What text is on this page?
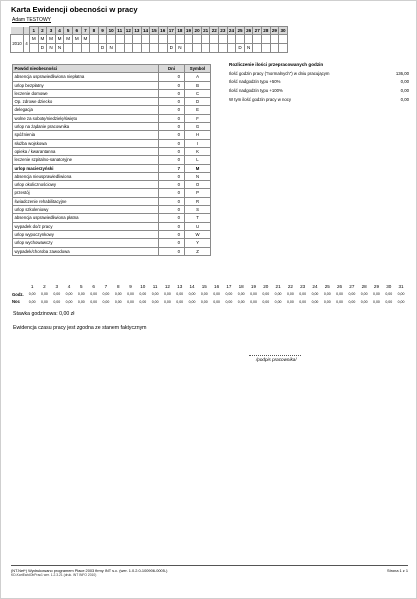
Karta Ewidencji obecności w pracy
Adam TESTOWY
		1	2	3	4	5	6	7	8	9	10	11	12	13	14	15	16	17	18	19	20	21	22	23	24	25	26	27	28	29	30
2010	4	M	M	M	M	M	M	M																							
			D	N	N					D	N							D	N							D	N				
Powód nieobecności	Dni	Symbol
absencja usprawiedliwiona niepłatna	0	A
urlop bezpłatny	0	B
leczenie domowe	0	C
Op. zdrowe dziecko	0	D
delegacja	0	E
wolne za sobotę/niedzielę/święto	0	F
urlop na żądanie pracownika	0	G
spóźnienia	0	H
służba wojskowa	0	I
opieka / kwarantanna	0	K
leczenie szpitalno-sanatoryjne	0	L
urlop macierzyński	7	M
absencja nieusprawiedliwiona	0	N
urlop okolicznościowy	0	O
przestój	0	P
świadczenie rehabilitacyjne	0	R
urlop szkoleniowy	0	S
absencja usprawiedliwiona płatna	0	T
wypadek do/z pracy	0	U
urlop wypoczynkowy	0	W
urlop wychowawczy	0	Y
wypadek/choroba zawodowa	0	Z
Rozliczenie ilości przepracowanych godzin
Ilość godzin pracy ("normalnych") w dniu pracującym	136,00
Ilość nadgodzin typu +50%	0,00
Ilość nadgodzin typu +100%	0,00
W tym ilość godzin pracy w nocy	0,00
1	2	3	4	5	6	7	8	9	10	11	12	13	14	15	16	17	18	19	20	21	22	23	24	25	26	27	28	29	30	31
Godz.	0,00	0,00	0,00	0,00	0,00	0,00	0,00	0,00	0,00	0,00	0,00	0,00	0,00	0,00	0,00	0,00	0,00	0,00	0,00	0,00	0,00	0,00	0,00	0,00	0,00	0,00	0,00	0,00	0,00	0,00	0,00
Noc	0,00	0,00	0,00	0,00	0,00	0,00	0,00	0,00	0,00	0,00	0,00	0,00	0,00	0,00	0,00	0,00	0,00	0,00	0,00	0,00	0,00	0,00	0,00	0,00	0,00	0,00	0,00	0,00	0,00	0,00	0,00
Stawka godzinowa: 0,00 zł
Ewidencja czasu pracy jest zgodna ze stanem faktycznym
/podpis pracownika/
(NT.Net*) Wydrukowano programem Płace 2003 firmy INT s.c. (wer. 1.0.2.0-100906-0005-)	Strona 1 z 1
KD-KartEwidObPrac1 wer. 1.2.3.21 (druk. INT INFO 2010)
